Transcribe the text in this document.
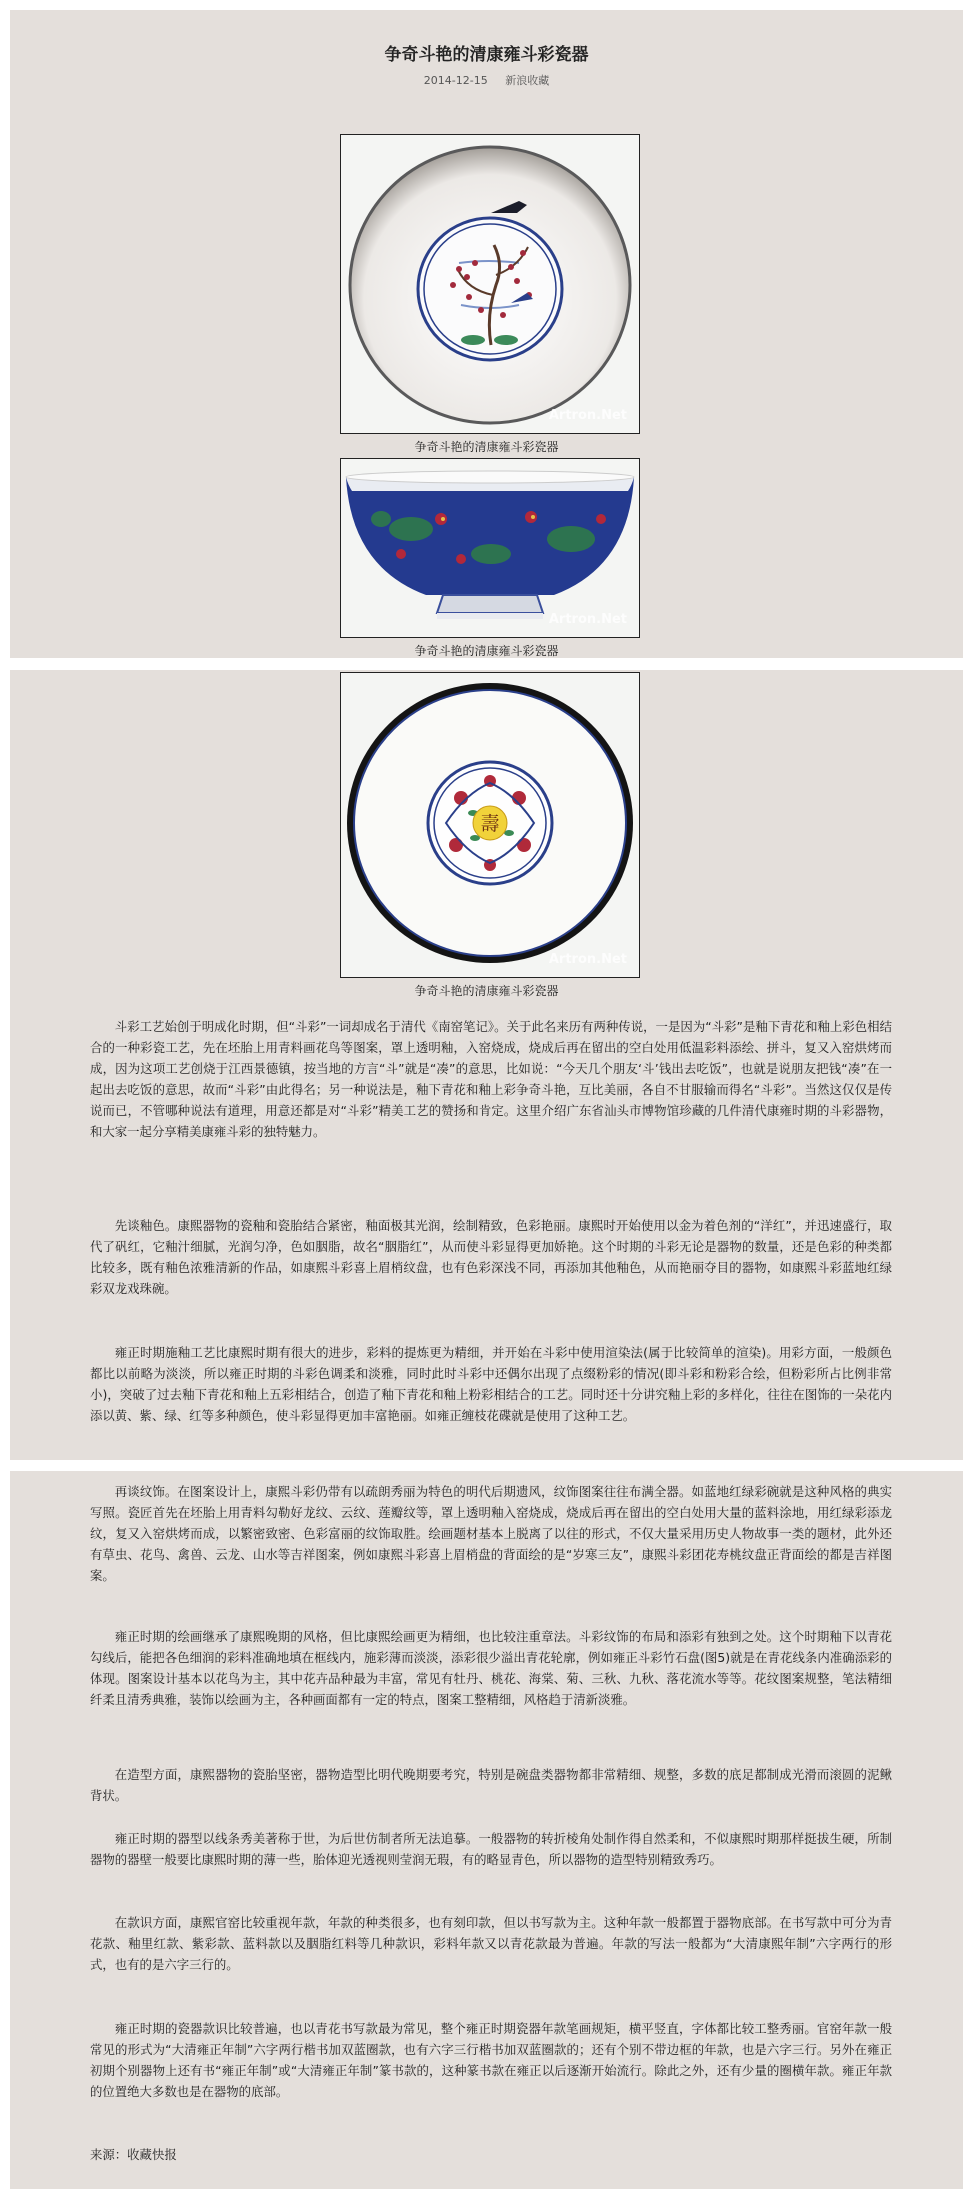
争奇斗艳的清康雍斗彩瓷器
2014-12-15 新浪收藏
Artron.Net
争奇斗艳的清康雍斗彩瓷器
Artron.Net
争奇斗艳的清康雍斗彩瓷器
壽
Artron.Net
争奇斗艳的清康雍斗彩瓷器

斗彩工艺始创于明成化时期，但“斗彩”一词却成名于清代《南窑笔记》。关于此名来历有两种传说，一是因为“斗彩”是釉下青花和釉上彩色相结合的一种彩瓷工艺，先在坯胎上用青料画花鸟等图案，罩上透明釉，入窑烧成，烧成后再在留出的空白处用低温彩料添绘、拼斗，复又入窑烘烤而成，因为这项工艺创烧于江西景德镇，按当地的方言“斗”就是“凑”的意思，比如说：“今天几个朋友‘斗’钱出去吃饭”，也就是说朋友把钱“凑”在一起出去吃饭的意思，故而“斗彩”由此得名；另一种说法是，釉下青花和釉上彩争奇斗艳，互比美丽，各自不甘服输而得名“斗彩”。当然这仅仅是传说而已，不管哪种说法有道理，用意还都是对“斗彩”精美工艺的赞扬和肯定。这里介绍广东省汕头市博物馆珍藏的几件清代康雍时期的斗彩器物，和大家一起分享精美康雍斗彩的独特魅力。

先谈釉色。康熙器物的瓷釉和瓷胎结合紧密，釉面极其光润，绘制精致，色彩艳丽。康熙时开始使用以金为着色剂的“洋红”，并迅速盛行，取代了矾红，它釉汁细腻，光润匀净，色如胭脂，故名“胭脂红”，从而使斗彩显得更加娇艳。这个时期的斗彩无论是器物的数量，还是色彩的种类都比较多，既有釉色浓雅清新的作品，如康熙斗彩喜上眉梢纹盘，也有色彩深浅不同，再添加其他釉色，从而艳丽夺目的器物，如康熙斗彩蓝地红绿彩双龙戏珠碗。

雍正时期施釉工艺比康熙时期有很大的进步，彩料的提炼更为精细，并开始在斗彩中使用渲染法(属于比较简单的渲染)。用彩方面，一般颜色都比以前略为淡淡，所以雍正时期的斗彩色调柔和淡雅，同时此时斗彩中还偶尔出现了点缀粉彩的情况(即斗彩和粉彩合绘，但粉彩所占比例非常小)，突破了过去釉下青花和釉上五彩相结合，创造了釉下青花和釉上粉彩相结合的工艺。同时还十分讲究釉上彩的多样化，往往在图饰的一朵花内添以黄、紫、绿、红等多种颜色，使斗彩显得更加丰富艳丽。如雍正缠枝花碟就是使用了这种工艺。

再谈纹饰。在图案设计上，康熙斗彩仍带有以疏朗秀丽为特色的明代后期遗风，纹饰图案往往布满全器。如蓝地红绿彩碗就是这种风格的典实写照。瓷匠首先在坯胎上用青料勾勒好龙纹、云纹、莲瓣纹等，罩上透明釉入窑烧成，烧成后再在留出的空白处用大量的蓝料涂地，用红绿彩添龙纹，复又入窑烘烤而成，以繁密致密、色彩富丽的纹饰取胜。绘画题材基本上脱离了以往的形式，不仅大量采用历史人物故事一类的题材，此外还有草虫、花鸟、禽兽、云龙、山水等吉祥图案，例如康熙斗彩喜上眉梢盘的背面绘的是“岁寒三友”，康熙斗彩团花寿桃纹盘正背面绘的都是吉祥图案。

雍正时期的绘画继承了康熙晚期的风格，但比康熙绘画更为精细，也比较注重章法。斗彩纹饰的布局和添彩有独到之处。这个时期釉下以青花勾线后，能把各色细润的彩料准确地填在框线内，施彩薄而淡淡，添彩很少溢出青花轮廓，例如雍正斗彩竹石盘(图5)就是在青花线条内准确添彩的体现。图案设计基本以花鸟为主，其中花卉品种最为丰富，常见有牡丹、桃花、海棠、菊、三秋、九秋、落花流水等等。花纹图案规整，笔法精细纤柔且清秀典雅，装饰以绘画为主，各种画面都有一定的特点，图案工整精细，风格趋于清新淡雅。

在造型方面，康熙器物的瓷胎坚密，器物造型比明代晚期要考究，特别是碗盘类器物都非常精细、规整，多数的底足都制成光滑而滚圆的泥鳅背状。

雍正时期的器型以线条秀美著称于世，为后世仿制者所无法追摹。一般器物的转折棱角处制作得自然柔和，不似康熙时期那样挺拔生硬，所制器物的器壁一般要比康熙时期的薄一些，胎体迎光透视则莹润无瑕，有的略显青色，所以器物的造型特别精致秀巧。

在款识方面，康熙官窑比较重视年款，年款的种类很多，也有刻印款，但以书写款为主。这种年款一般都置于器物底部。在书写款中可分为青花款、釉里红款、紫彩款、蓝料款以及胭脂红料等几种款识，彩料年款又以青花款最为普遍。年款的写法一般都为“大清康熙年制”六字两行的形式，也有的是六字三行的。

雍正时期的瓷器款识比较普遍，也以青花书写款最为常见，整个雍正时期瓷器年款笔画规矩，横平竖直，字体都比较工整秀丽。官窑年款一般常见的形式为“大清雍正年制”六字两行楷书加双蓝圈款，也有六字三行楷书加双蓝圈款的；还有个别不带边框的年款，也是六字三行。另外在雍正初期个别器物上还有书“雍正年制”或“大清雍正年制”篆书款的，这种篆书款在雍正以后逐渐开始流行。除此之外，还有少量的圈横年款。雍正年款的位置绝大多数也是在器物的底部。

来源：收藏快报
